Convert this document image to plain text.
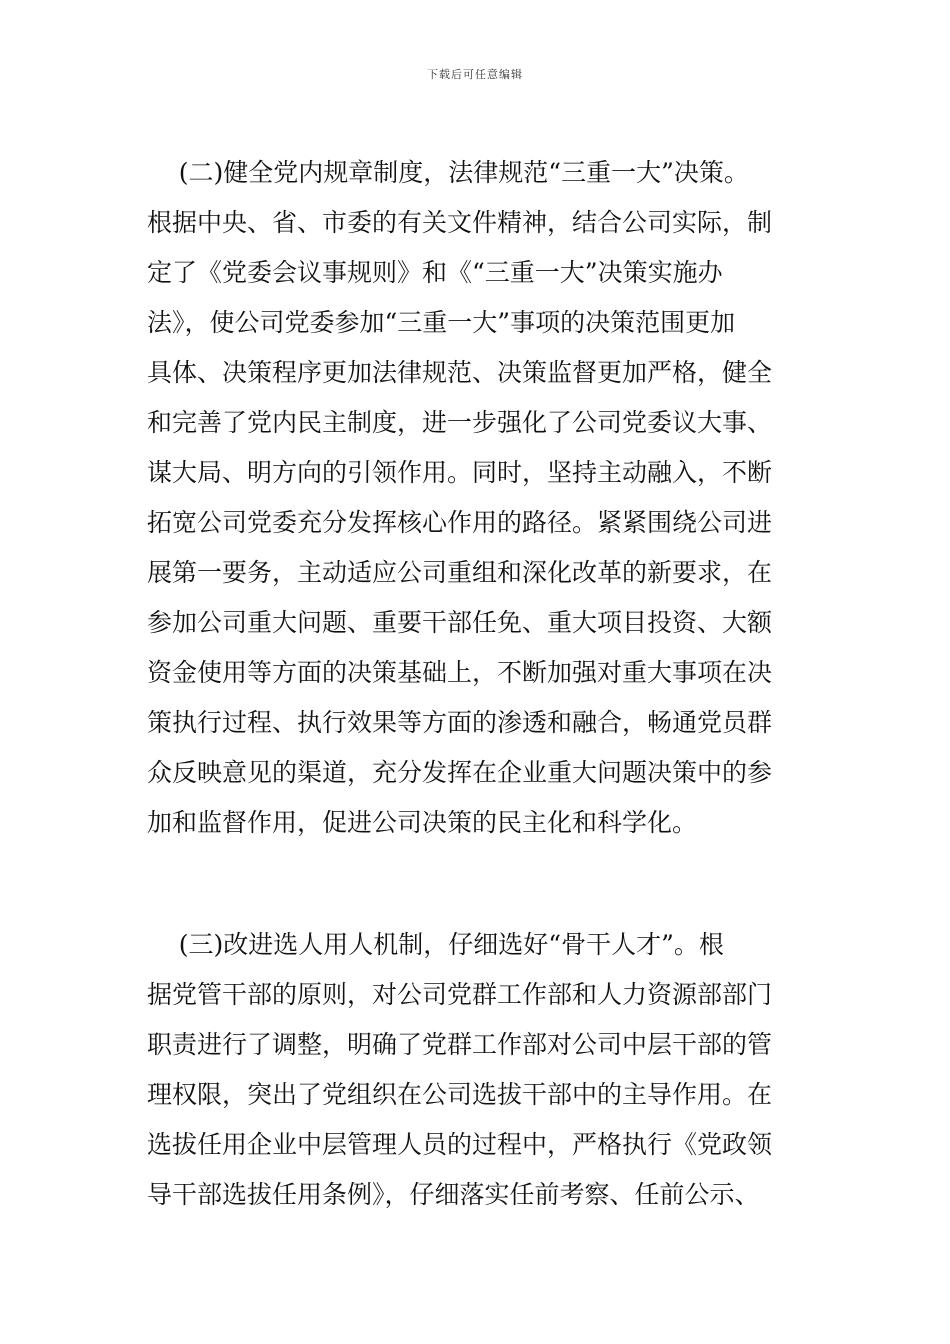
下载后可任意编辑
(二)健全党内规章制度，法律规范“三重一大”决策。
根据中央、省、市委的有关文件精神，结合公司实际，制
定了《党委会议事规则》和《“三重一大”决策实施办
法》，使公司党委参加“三重一大”事项的决策范围更加
具体、决策程序更加法律规范、决策监督更加严格，健全
和完善了党内民主制度，进一步强化了公司党委议大事、
谋大局、明方向的引领作用。同时，坚持主动融入，不断
拓宽公司党委充分发挥核心作用的路径。紧紧围绕公司进
展第一要务，主动适应公司重组和深化改革的新要求，在
参加公司重大问题、重要干部任免、重大项目投资、大额
资金使用等方面的决策基础上，不断加强对重大事项在决
策执行过程、执行效果等方面的渗透和融合，畅通党员群
众反映意见的渠道，充分发挥在企业重大问题决策中的参
加和监督作用，促进公司决策的民主化和科学化。
(三)改进选人用人机制，仔细选好“骨干人才”。根
据党管干部的原则，对公司党群工作部和人力资源部部门
职责进行了调整，明确了党群工作部对公司中层干部的管
理权限，突出了党组织在公司选拔干部中的主导作用。在
选拔任用企业中层管理人员的过程中，严格执行《党政领
导干部选拔任用条例》，仔细落实任前考察、任前公示、
